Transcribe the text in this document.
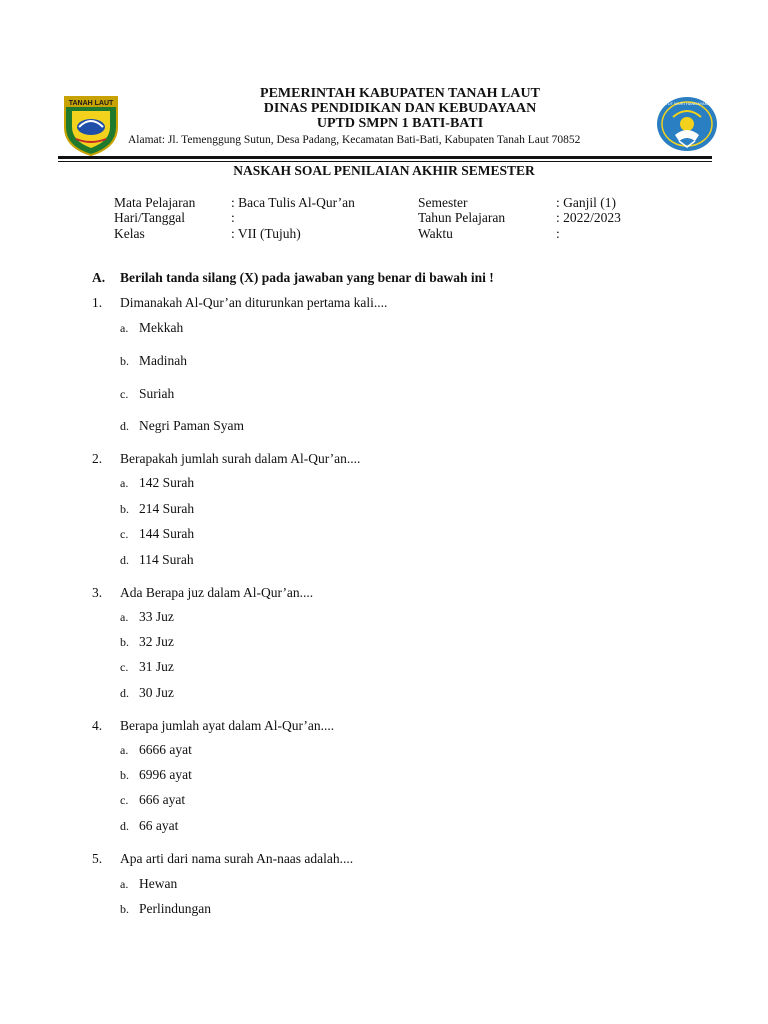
TANAH LAUT
PEMERINTAH KABUPATEN TANAH LAUT
DINAS PENDIDIKAN DAN KEBUDAYAAN
UPTD SMPN 1 BATI-BATI
Alamat: Jl. Temenggung Sutun, Desa Padang, Kecamatan Bati-Bati, Kabupaten Tanah Laut 70852
TUT WURI HANDAYANI
NASKAH SOAL PENILAIAN AKHIR SEMESTER
Mata Pelajaran	: Baca Tulis Al-Qur’an
Hari/Tanggal	:
Kelas	: VII (Tujuh)
Semester	: Ganjil (1)
Tahun Pelajaran	: 2022/2023
Waktu	:
A. Berilah tanda silang (X) pada jawaban yang benar di bawah ini !
1. Dimanakah Al-Qur’an diturunkan pertama kali....
a. Mekkah
b. Madinah
c. Suriah
d. Negri Paman Syam
2. Berapakah jumlah surah dalam Al-Qur’an....
a. 142 Surah
b. 214 Surah
c. 144 Surah
d. 114 Surah
3. Ada Berapa juz dalam Al-Qur’an....
a. 33 Juz
b. 32 Juz
c. 31 Juz
d. 30 Juz
4. Berapa jumlah ayat dalam Al-Qur’an....
a. 6666 ayat
b. 6996 ayat
c. 666 ayat
d. 66 ayat
5. Apa arti dari nama surah An-naas adalah....
a. Hewan
b. Perlindungan
